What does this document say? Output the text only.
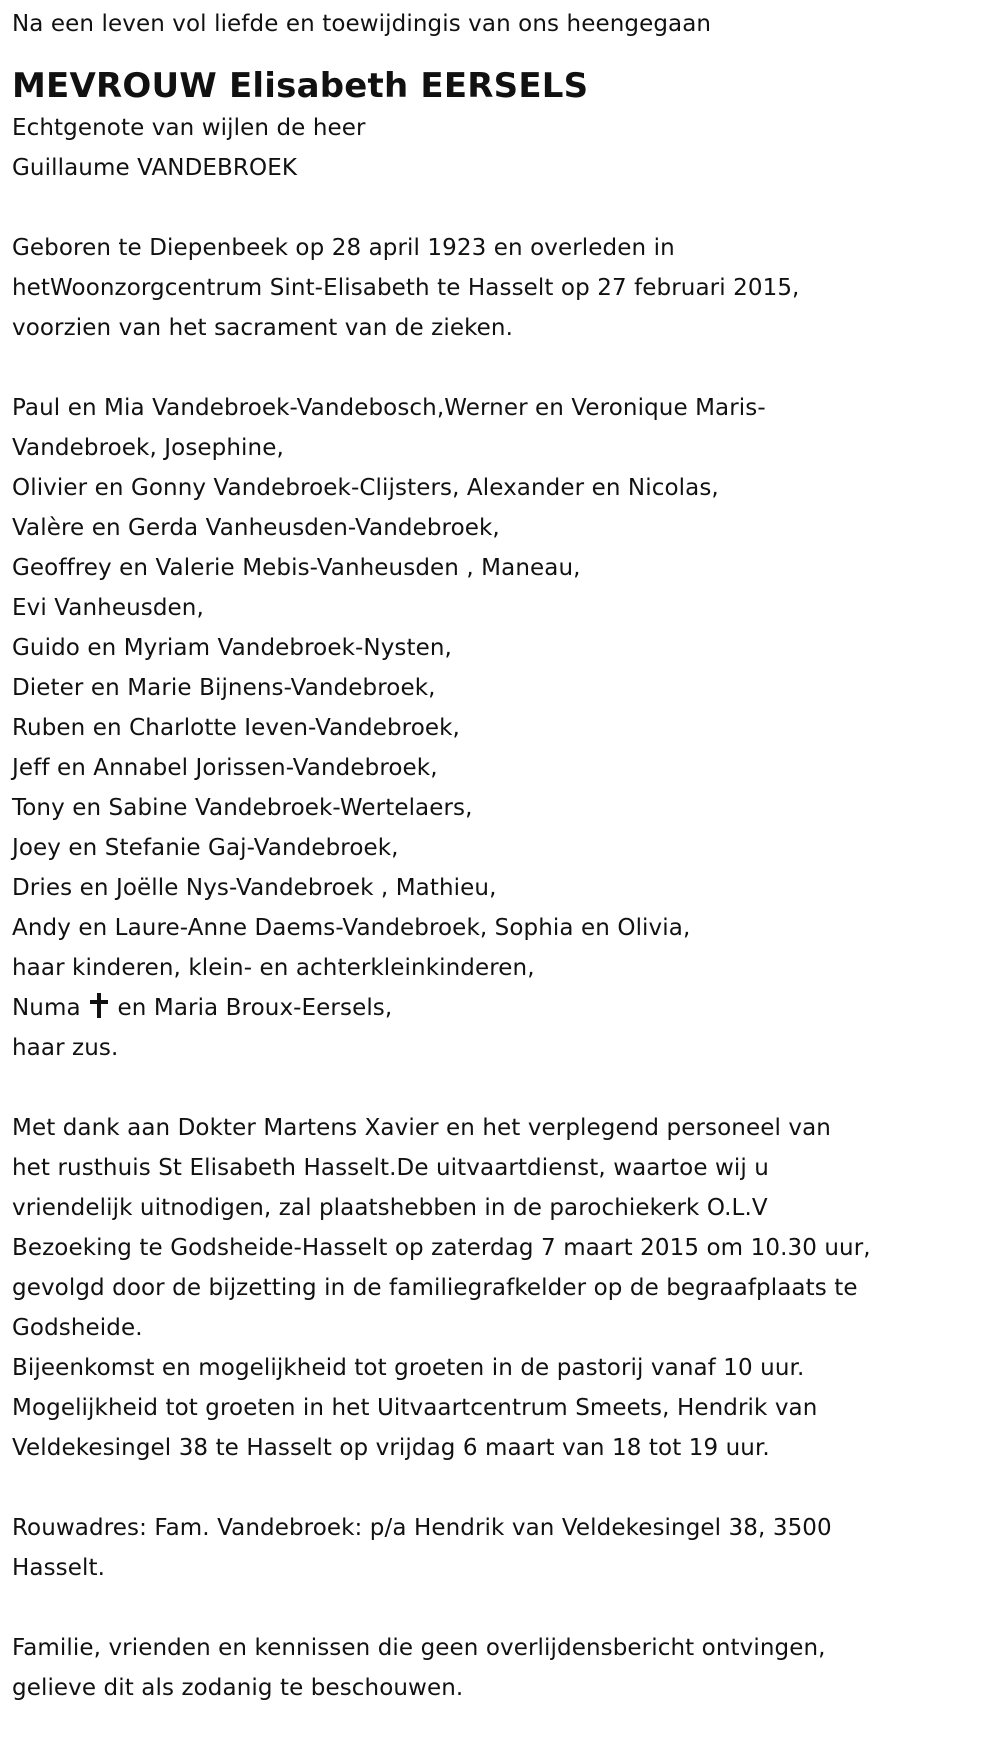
Na een leven vol liefde en toewijdingis van ons heengegaan
MEVROUW Elisabeth EERSELS
Echtgenote van wijlen de heer
Guillaume VANDEBROEK
Geboren te Diepenbeek op 28 april 1923 en overleden in
hetWoonzorgcentrum Sint-Elisabeth te Hasselt op 27 februari 2015,
voorzien van het sacrament van de zieken.
Paul en Mia Vandebroek-Vandebosch,Werner en Veronique Maris-
Vandebroek, Josephine,
Olivier en Gonny Vandebroek-Clijsters, Alexander en Nicolas,
Valère en Gerda Vanheusden-Vandebroek,
Geoffrey en Valerie Mebis-Vanheusden , Maneau,
Evi Vanheusden,
Guido en Myriam Vandebroek-Nysten,
Dieter en Marie Bijnens-Vandebroek,
Ruben en Charlotte Ieven-Vandebroek,
Jeff en Annabel Jorissen-Vandebroek,
Tony en Sabine Vandebroek-Wertelaers,
Joey en Stefanie Gaj-Vandebroek,
Dries en Joëlle Nys-Vandebroek , Mathieu,
Andy en Laure-Anne Daems-Vandebroek, Sophia en Olivia,
haar kinderen, klein- en achterkleinkinderen,
Numa en Maria Broux-Eersels,
haar zus.
Met dank aan Dokter Martens Xavier en het verplegend personeel van
het rusthuis St Elisabeth Hasselt.De uitvaartdienst, waartoe wij u
vriendelijk uitnodigen, zal plaatshebben in de parochiekerk O.L.V
Bezoeking te Godsheide-Hasselt op zaterdag 7 maart 2015 om 10.30 uur,
gevolgd door de bijzetting in de familiegrafkelder op de begraafplaats te
Godsheide.
Bijeenkomst en mogelijkheid tot groeten in de pastorij vanaf 10 uur.
Mogelijkheid tot groeten in het Uitvaartcentrum Smeets, Hendrik van
Veldekesingel 38 te Hasselt op vrijdag 6 maart van 18 tot 19 uur.
Rouwadres: Fam. Vandebroek: p/a Hendrik van Veldekesingel 38, 3500
Hasselt.
Familie, vrienden en kennissen die geen overlijdensbericht ontvingen,
gelieve dit als zodanig te beschouwen.
